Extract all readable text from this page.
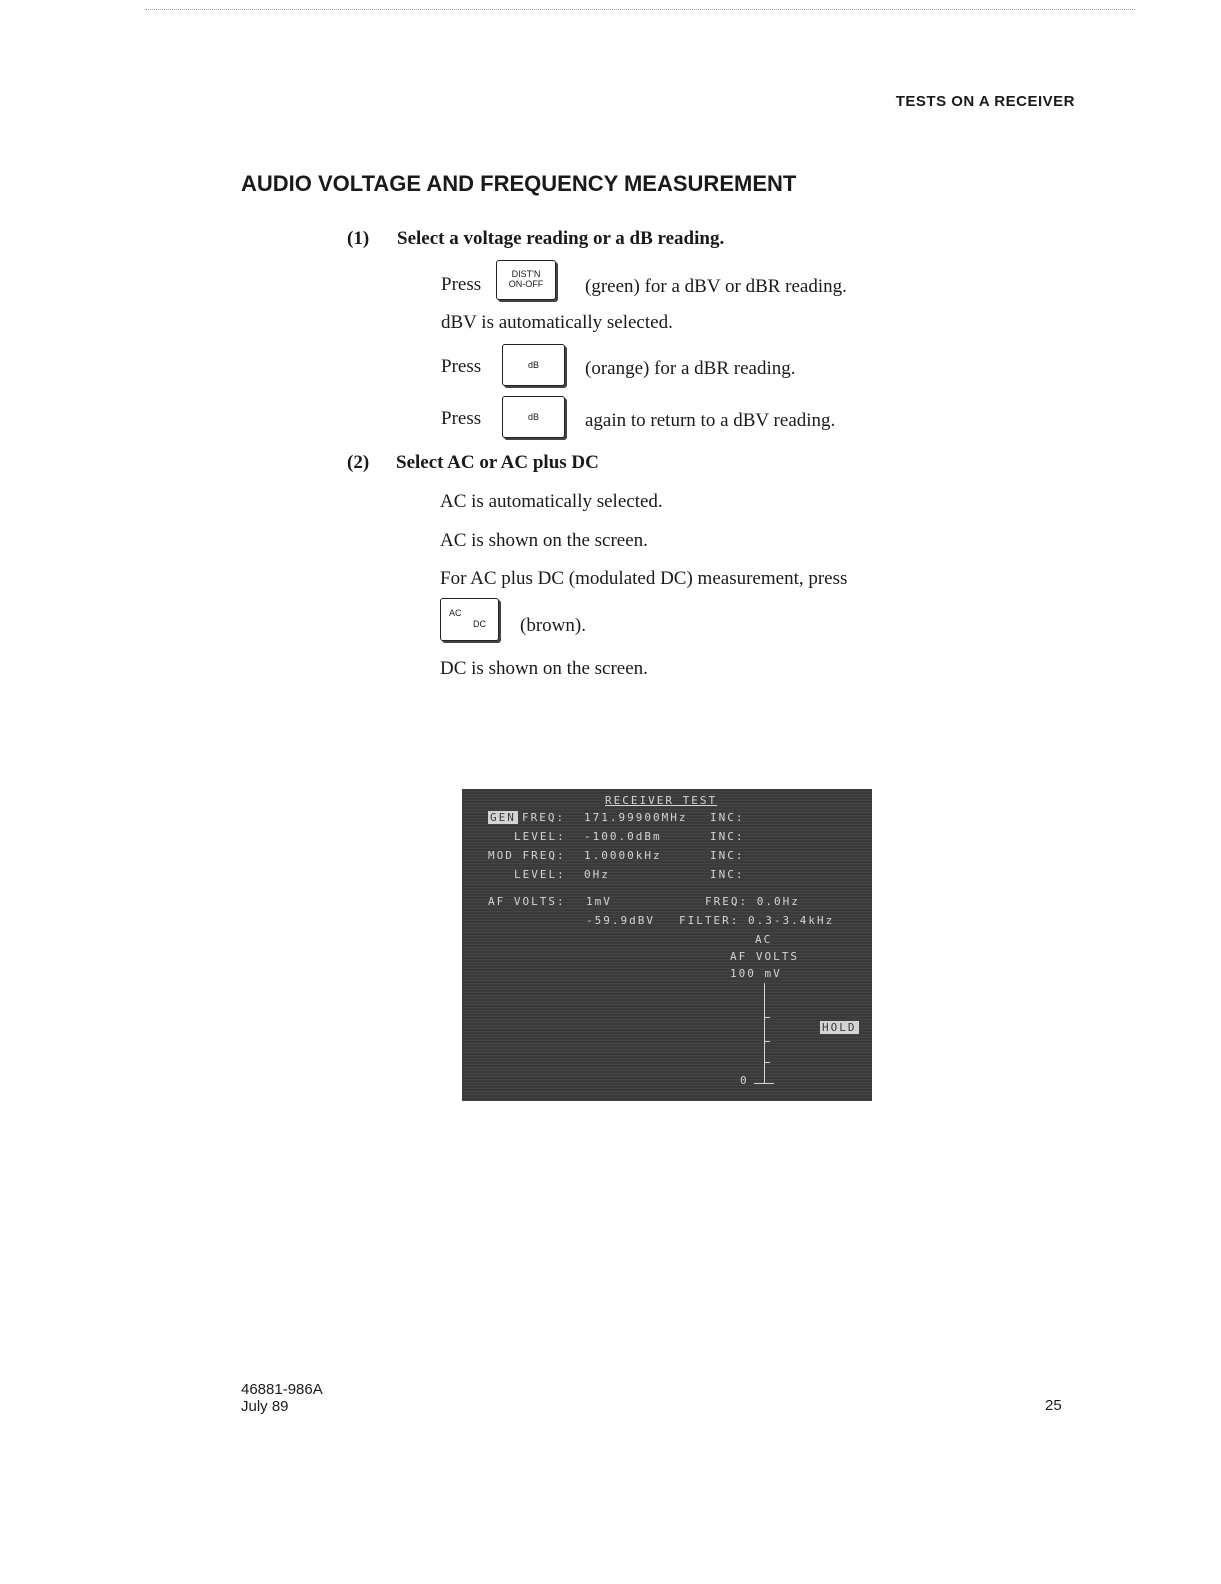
TESTS ON A RECEIVER
AUDIO VOLTAGE AND FREQUENCY MEASUREMENT
(1) Select a voltage reading or a dB reading.
Press	DIST'N
ON-OFF	(green) for a dBV or dBR reading.
dBV is automatically selected.
Press	dB	(orange) for a dBR reading.
Press	dB	again to return to a dBV reading.
(2) Select AC or AC plus DC
AC is automatically selected.
AC is shown on the screen.
For AC plus DC (modulated DC) measurement, press
AC
DC (brown).
DC is shown on the screen.
RECEIVER TEST
GEN FREQ: 171.99900MHz INC:
LEVEL: -100.0dBm	INC:
MOD FREQ: 1.0000kHz	INC:
LEVEL: 0Hz	INC:
AF VOLTS: 1mV	FREQ: 0.0Hz
-59.9dBV FILTER: 0.3-3.4kHz
AC
AF VOLTS
100 mV
HOLD
0
46881-986A
July 89	25
